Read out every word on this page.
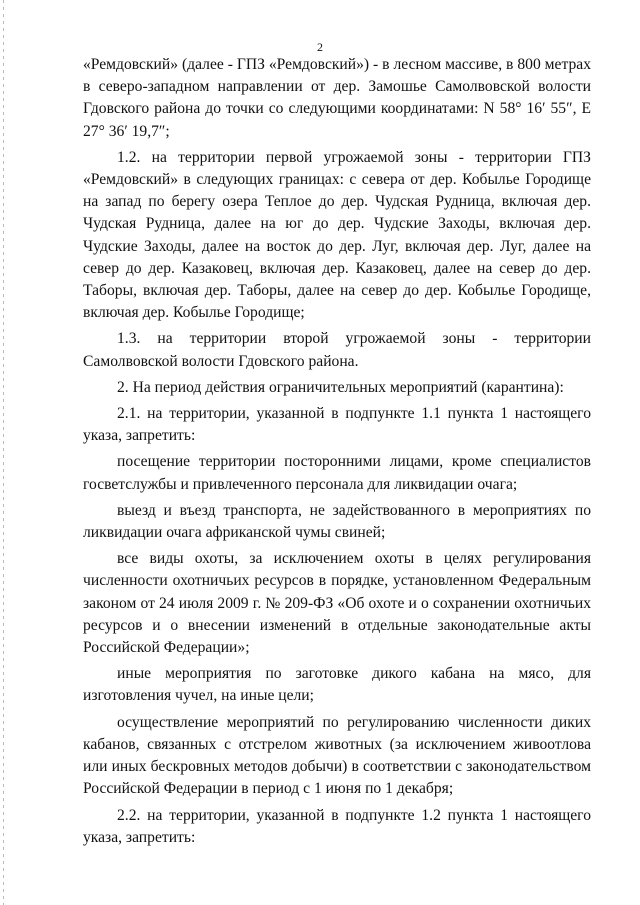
2

«Ремдовский» (далее - ГПЗ «Ремдовский») - в лесном массиве, в 800 метрах в северо-западном направлении от дер. Замошье Самолвовской волости Гдовского района до точки со следующими координатами: N 58° 16′ 55″, E 27° 36′ 19,7″;

1.2. на территории первой угрожаемой зоны - территории ГПЗ «Ремдовский» в следующих границах: с севера от дер. Кобылье Городище на запад по берегу озера Теплое до дер. Чудская Рудница, включая дер. Чудская Рудница, далее на юг до дер. Чудские Заходы, включая дер. Чудские Заходы, далее на восток до дер. Луг, включая дер. Луг, далее на север до дер. Казаковец, включая дер. Казаковец, далее на север до дер. Таборы, включая дер. Таборы, далее на север до дер. Кобылье Городище, включая дер. Кобылье Городище;

1.3. на территории второй угрожаемой зоны - территории Самолвовской волости Гдовского района.

2. На период действия ограничительных мероприятий (карантина):

2.1. на территории, указанной в подпункте 1.1 пункта 1 настоящего указа, запретить:

посещение территории посторонними лицами, кроме специалистов госветслужбы и привлеченного персонала для ликвидации очага;

выезд и въезд транспорта, не задействованного в мероприятиях по ликвидации очага африканской чумы свиней;

все виды охоты, за исключением охоты в целях регулирования численности охотничьих ресурсов в порядке, установленном Федеральным законом от 24 июля 2009 г. № 209-ФЗ «Об охоте и о сохранении охотничьих ресурсов и о внесении изменений в отдельные законодательные акты Российской Федерации»;

иные мероприятия по заготовке дикого кабана на мясо, для изготовления чучел, на иные цели;

осуществление мероприятий по регулированию численности диких кабанов, связанных с отстрелом животных (за исключением живоотлова или иных бескровных методов добычи) в соответствии с законодательством Российской Федерации в период с 1 июня по 1 декабря;

2.2. на территории, указанной в подпункте 1.2 пункта 1 настоящего указа, запретить:
